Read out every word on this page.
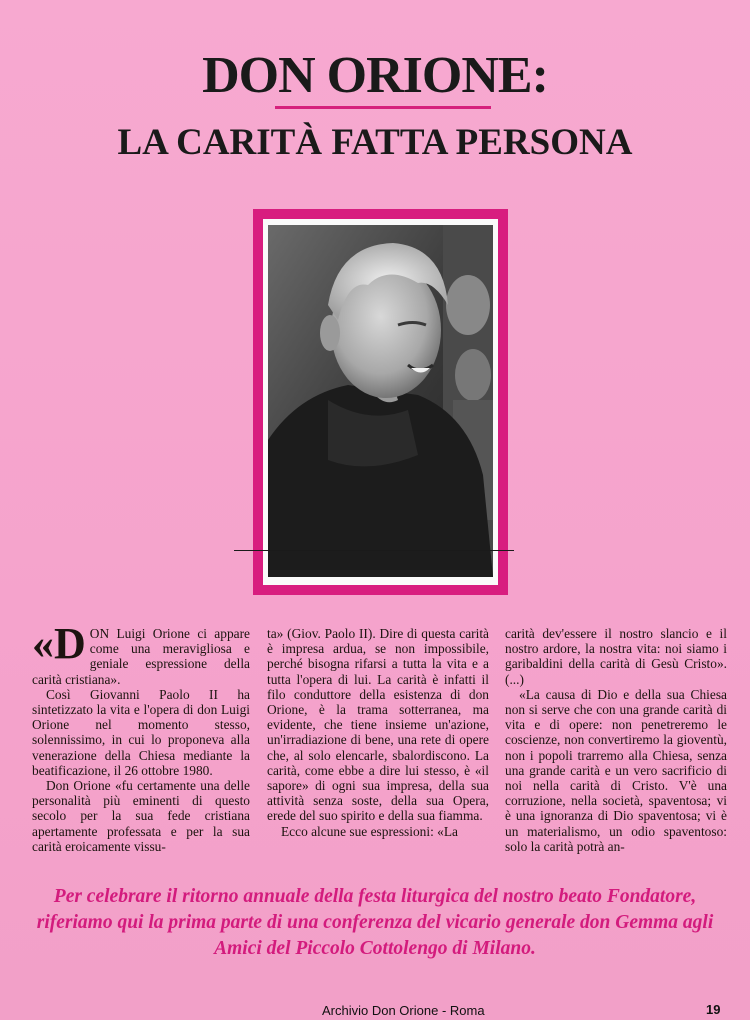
DON ORIONE:
LA CARITÀ FATTA PERSONA

«DON Luigi Orione ci appare come una meravigliosa e geniale espressione della carità cristiana».

Così Giovanni Paolo II ha sintetizzato la vita e l'opera di don Luigi Orione nel momento stesso, solennissimo, in cui lo proponeva alla venerazione della Chiesa mediante la beatificazione, il 26 ottobre 1980.

Don Orione «fu certamente una delle personalità più eminenti di questo secolo per la sua fede cristiana apertamente professata e per la sua carità eroicamente vissu-

ta» (Giov. Paolo II). Dire di questa carità è impresa ardua, se non impossibile, perché bisogna rifarsi a tutta la vita e a tutta l'opera di lui. La carità è infatti il filo conduttore della esistenza di don Orione, è la trama sotterranea, ma evidente, che tiene insieme un'azione, un'irradiazione di bene, una rete di opere che, al solo elencarle, sbalordiscono. La carità, come ebbe a dire lui stesso, è «il sapore» di ogni sua impresa, della sua attività senza soste, della sua Opera, erede del suo spirito e della sua fiamma.

Ecco alcune sue espressioni: «La

carità dev'essere il nostro slancio e il nostro ardore, la nostra vita: noi siamo i garibaldini della carità di Gesù Cristo». (...)

«La causa di Dio e della sua Chiesa non si serve che con una grande carità di vita e di opere: non penetreremo le coscienze, non convertiremo la gioventù, non i popoli trarremo alla Chiesa, senza una grande carità e un vero sacrificio di noi nella carità di Cristo. V'è una corruzione, nella società, spaventosa; vi è una ignoranza di Dio spaventosa; vi è un materialismo, un odio spaventoso: solo la carità potrà an-

Per celebrare il ritorno annuale della festa liturgica del nostro beato Fondatore, riferiamo qui la prima parte di una conferenza del vicario generale don Gemma agli Amici del Piccolo Cottolengo di Milano.
Archivio Don Orione - Roma	19
